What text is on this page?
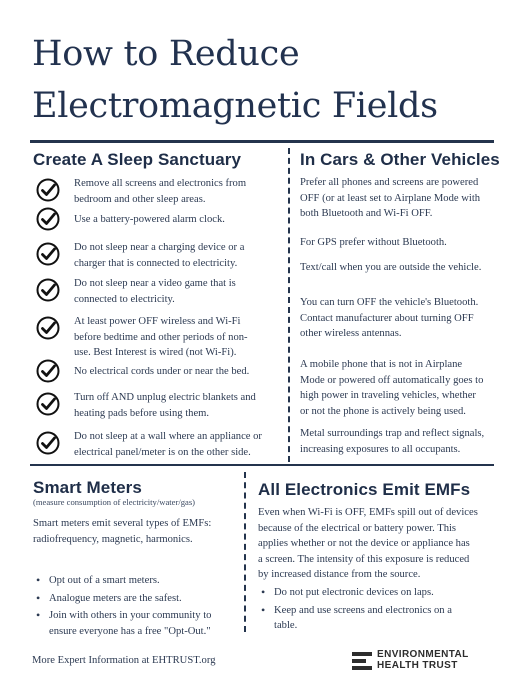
How to Reduce
Electromagnetic Fields
Create A Sleep Sanctuary
Remove all screens and electronics from
bedroom and other sleep areas.
Use a battery-powered alarm clock.
Do not sleep near a charging device or a
charger that is connected to electricity.
Do not sleep near a video game that is
connected to electricity.
At least power OFF wireless and Wi-Fi
before bedtime and other periods of non-
use. Best Interest is wired (not Wi-Fi).
No electrical cords under or near the bed.
Turn off AND unplug electric blankets and
heating pads before using them.
Do not sleep at a wall where an appliance or
electrical panel/meter is on the other side.
In Cars & Other Vehicles
Prefer all phones and screens are powered
OFF (or at least set to Airplane Mode with
both Bluetooth and Wi-Fi OFF.
For GPS prefer without Bluetooth.
Text/call when you are outside the vehicle.
You can turn OFF the vehicle's Bluetooth.
Contact manufacturer about turning OFF
other wireless antennas.
A mobile phone that is not in Airplane
Mode or powered off automatically goes to
high power in traveling vehicles, whether
or not the phone is actively being used.
Metal surroundings trap and reflect signals,
increasing exposures to all occupants.
Smart Meters
(measure consumption of electricity/water/gas)
Smart meters emit several types of EMFs:
radiofrequency, magnetic, harmonics.
• Opt out of a smart meters.
• Analogue meters are the safest.
• Join with others in your community to
ensure everyone has a free "Opt-Out."
All Electronics Emit EMFs
Even when Wi-Fi is OFF, EMFs spill out of devices
because of the electrical or battery power. This
applies whether or not the device or appliance has
a screen. The intensity of this exposure is reduced
by increased distance from the source.
• Do not put electronic devices on laps.
• Keep and use screens and electronics on a
table.
More Expert Information at EHTRUST.org
ENVIRONMENTAL
HEALTH TRUST
